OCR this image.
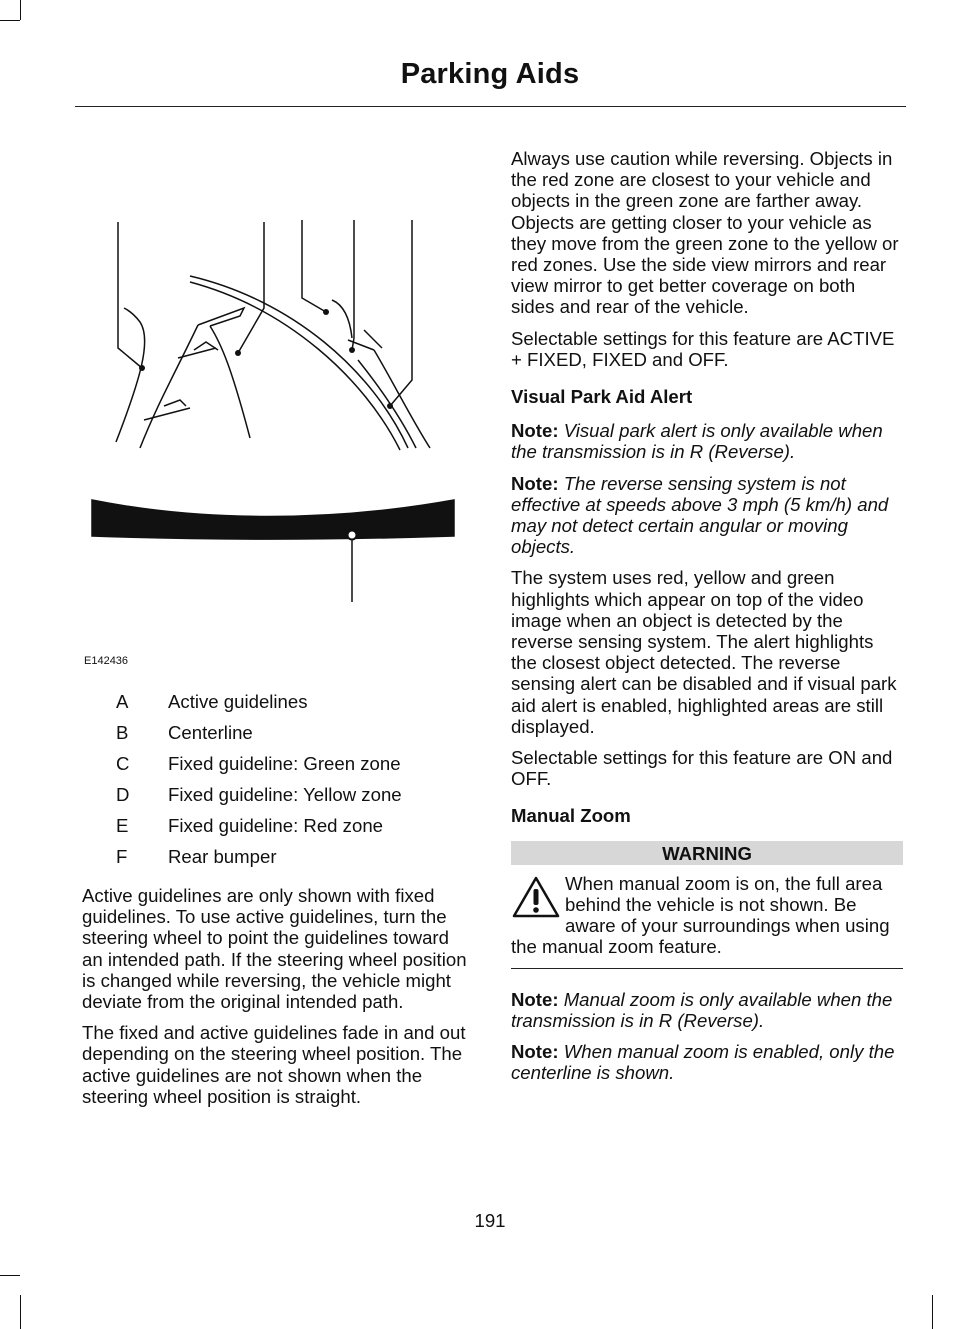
Parking Aids
E142436
A Active guidelines
B Centerline
C Fixed guideline: Green zone
D Fixed guideline: Yellow zone
E Fixed guideline: Red zone
F Rear bumper

Active guidelines are only shown with fixed guidelines. To use active guidelines, turn the steering wheel to point the guidelines toward an intended path. If the steering wheel position is changed while reversing, the vehicle might deviate from the original intended path.

The fixed and active guidelines fade in and out depending on the steering wheel position. The active guidelines are not shown when the steering wheel position is straight.

Always use caution while reversing. Objects in the red zone are closest to your vehicle and objects in the green zone are farther away. Objects are getting closer to your vehicle as they move from the green zone to the yellow or red zones. Use the side view mirrors and rear view mirror to get better coverage on both sides and rear of the vehicle.

Selectable settings for this feature are ACTIVE + FIXED, FIXED and OFF.

Visual Park Aid Alert

Note: Visual park alert is only available when the transmission is in R (Reverse).

Note: The reverse sensing system is not effective at speeds above 3 mph (5 km/h) and may not detect certain angular or moving objects.

The system uses red, yellow and green highlights which appear on top of the video image when an object is detected by the reverse sensing system. The alert highlights the closest object detected. The reverse sensing alert can be disabled and if visual park aid alert is enabled, highlighted areas are still displayed.

Selectable settings for this feature are ON and OFF.

Manual Zoom

WARNING
When manual zoom is on, the full area behind the vehicle is not shown. Be aware of your surroundings when using the manual zoom feature.

Note: Manual zoom is only available when the transmission is in R (Reverse).

Note: When manual zoom is enabled, only the centerline is shown.

191
